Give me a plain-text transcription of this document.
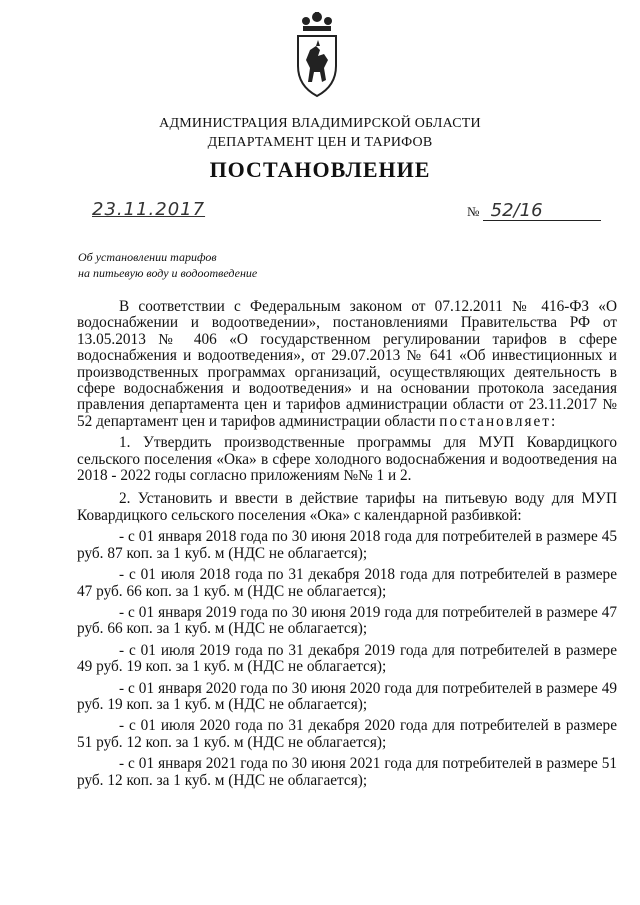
АДМИНИСТРАЦИЯ ВЛАДИМИРСКОЙ ОБЛАСТИ
ДЕПАРТАМЕНТ ЦЕН И ТАРИФОВ
ПОСТАНОВЛЕНИЕ
23.11.2017	№ 52/16
Об установлении тарифов
на питьевую воду и водоотведение

В соответствии с Федеральным законом от 07.12.2011 № 416-ФЗ «О водоснабжении и водоотведении», постановлениями Правительства РФ от 13.05.2013 № 406 «О государственном регулировании тарифов в сфере водоснабжения и водоотведения», от 29.07.2013 № 641 «Об инвестиционных и производственных программах организаций, осуществляющих деятельность в сфере водоснабжения и водоотведения» и на основании протокола заседания правления департамента цен и тарифов администрации области от 23.11.2017 № 52 департамент цен и тарифов администрации области постановляет:

1. Утвердить производственные программы для МУП Ковардицкого сельского поселения «Ока» в сфере холодного водоснабжения и водоотведения на 2018 - 2022 годы согласно приложениям №№ 1 и 2.

2. Установить и ввести в действие тарифы на питьевую воду для МУП Ковардицкого сельского поселения «Ока» с календарной разбивкой:

- с 01 января 2018 года по 30 июня 2018 года для потребителей в размере 45 руб. 87 коп. за 1 куб. м (НДС не облагается);

- с 01 июля 2018 года по 31 декабря 2018 года для потребителей в размере 47 руб. 66 коп. за 1 куб. м (НДС не облагается);

- с 01 января 2019 года по 30 июня 2019 года для потребителей в размере 47 руб. 66 коп. за 1 куб. м (НДС не облагается);

- с 01 июля 2019 года по 31 декабря 2019 года для потребителей в размере 49 руб. 19 коп. за 1 куб. м (НДС не облагается);

- с 01 января 2020 года по 30 июня 2020 года для потребителей в размере 49 руб. 19 коп. за 1 куб. м (НДС не облагается);

- с 01 июля 2020 года по 31 декабря 2020 года для потребителей в размере 51 руб. 12 коп. за 1 куб. м (НДС не облагается);

- с 01 января 2021 года по 30 июня 2021 года для потребителей в размере 51 руб. 12 коп. за 1 куб. м (НДС не облагается);
